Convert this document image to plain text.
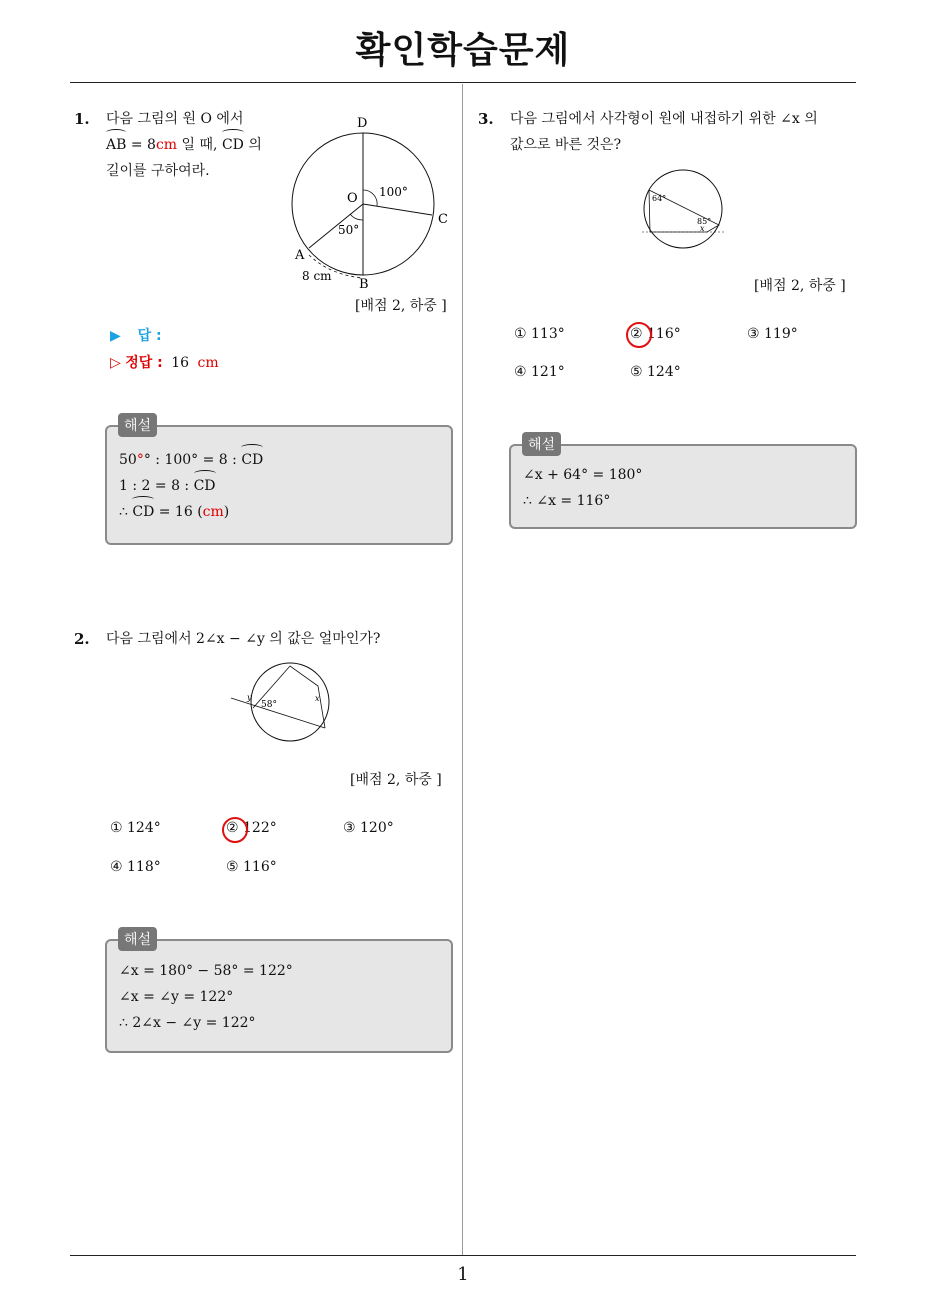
확인학습문제
1. 다음 그림의 원 O 에서
AB = 8cm 일 때, CD 의
길이를 구하여라.
D
O
C
A
B
100°
50°
8 cm
[배점 2, 하중 ]
▶ 답 :
▷ 정답 : 16 cm
50°° : 100° = 8 : CD
1 : 2 = 8 : CD
∴ CD = 16 (cm)
해설
2. 다음 그림에서 2∠x − ∠y 의 값은 얼마인가?
y
58°
x
[배점 2, 하중 ]
① 124°	② 122°	③ 120°
④ 118°	⑤ 116°
∠x = 180° − 58° = 122°
∠x = ∠y = 122°
∴ 2∠x − ∠y = 122°
해설
3. 다음 그림에서 사각형이 원에 내접하기 위한 ∠x 의
값으로 바른 것은?
64°
85°
x
[배점 2, 하중 ]
① 113°	② 116°	③ 119°
④ 121°	⑤ 124°
∠x + 64° = 180°
∴ ∠x = 116°
해설
1
